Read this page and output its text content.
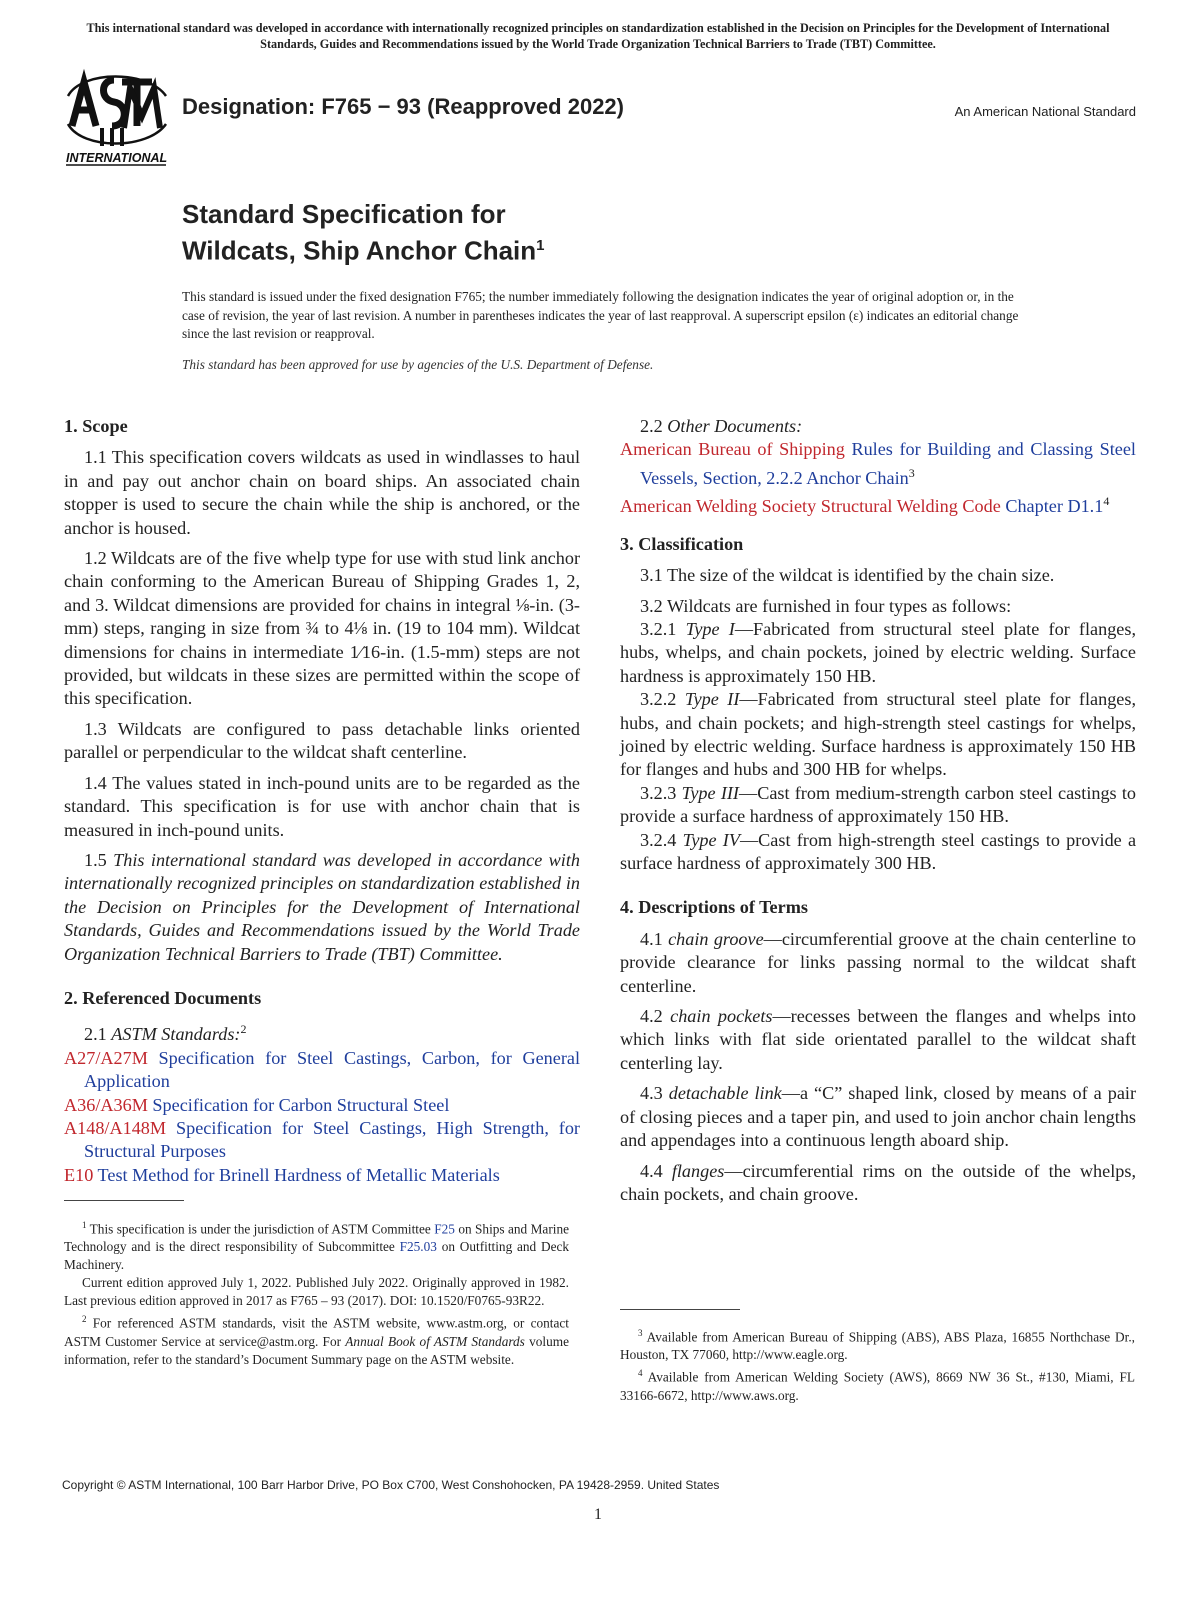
This international standard was developed in accordance with internationally recognized principles on standardization established in the Decision on Principles for the Development of International Standards, Guides and Recommendations issued by the World Trade Organization Technical Barriers to Trade (TBT) Committee.
INTERNATIONAL
Designation: F765 − 93 (Reapproved 2022)	An American National Standard
Standard Specification for
Wildcats, Ship Anchor Chain$^1$
This standard is issued under the fixed designation F765; the number immediately following the designation indicates the year of original adoption or, in the case of revision, the year of last revision. A number in parentheses indicates the year of last reapproval. A superscript epsilon (ε) indicates an editorial change since the last revision or reapproval.
This standard has been approved for use by agencies of the U.S. Department of Defense.
1. Scope

1.1 This specification covers wildcats as used in windlasses to haul in and pay out anchor chain on board ships. An associated chain stopper is used to secure the chain while the ship is anchored, or the anchor is housed.

1.2 Wildcats are of the five whelp type for use with stud link anchor chain conforming to the American Bureau of Shipping Grades 1, 2, and 3. Wildcat dimensions are provided for chains in integral ⅛-in. (3-mm) steps, ranging in size from ¾ to 4⅛ in. (19 to 104 mm). Wildcat dimensions for chains in intermediate 1⁄16-in. (1.5-mm) steps are not provided, but wildcats in these sizes are permitted within the scope of this specification.

1.3 Wildcats are configured to pass detachable links oriented parallel or perpendicular to the wildcat shaft centerline.

1.4 The values stated in inch-pound units are to be regarded as the standard. This specification is for use with anchor chain that is measured in inch-pound units.

1.5 This international standard was developed in accordance with internationally recognized principles on standardization established in the Decision on Principles for the Development of International Standards, Guides and Recommendations issued by the World Trade Organization Technical Barriers to Trade (TBT) Committee.

2. Referenced Documents

2.1 ASTM Standards:$^2$

A27/A27M Specification for Steel Castings, Carbon, for General Application

A36/A36M Specification for Carbon Structural Steel

A148/A148M Specification for Steel Castings, High Strength, for Structural Purposes

E10 Test Method for Brinell Hardness of Metallic Materials

$^1$ This specification is under the jurisdiction of ASTM Committee F25 on Ships and Marine Technology and is the direct responsibility of Subcommittee F25.03 on Outfitting and Deck Machinery.

Current edition approved July 1, 2022. Published July 2022. Originally approved in 1982. Last previous edition approved in 2017 as F765 – 93 (2017). DOI: 10.1520/F0765-93R22.

$^2$ For referenced ASTM standards, visit the ASTM website, www.astm.org, or contact ASTM Customer Service at service@astm.org. For Annual Book of ASTM Standards volume information, refer to the standard’s Document Summary page on the ASTM website.

2.2 Other Documents:

American Bureau of Shipping Rules for Building and Classing Steel Vessels, Section, 2.2.2 Anchor Chain$^3$

American Welding Society Structural Welding Code Chapter $D1.1^4$

3. Classification

3.1 The size of the wildcat is identified by the chain size.

3.2 Wildcats are furnished in four types as follows:

3.2.1 Type I—Fabricated from structural steel plate for flanges, hubs, whelps, and chain pockets, joined by electric welding. Surface hardness is approximately 150 HB.

3.2.2 Type II—Fabricated from structural steel plate for flanges, hubs, and chain pockets; and high-strength steel castings for whelps, joined by electric welding. Surface hardness is approximately 150 HB for flanges and hubs and 300 HB for whelps.

3.2.3 Type III—Cast from medium-strength carbon steel castings to provide a surface hardness of approximately 150 HB.

3.2.4 Type IV—Cast from high-strength steel castings to provide a surface hardness of approximately 300 HB.

4. Descriptions of Terms

4.1 chain groove—circumferential groove at the chain centerline to provide clearance for links passing normal to the wildcat shaft centerline.

4.2 chain pockets—recesses between the flanges and whelps into which links with flat side orientated parallel to the wildcat shaft centerling lay.

4.3 detachable link—a “C” shaped link, closed by means of a pair of closing pieces and a taper pin, and used to join anchor chain lengths and appendages into a continuous length aboard ship.

4.4 flanges—circumferential rims on the outside of the whelps, chain pockets, and chain groove.

$^3$ Available from American Bureau of Shipping (ABS), ABS Plaza, 16855 Northchase Dr., Houston, TX 77060, http://www.eagle.org.

$^4$ Available from American Welding Society (AWS), 8669 NW 36 St., #130, Miami, FL 33166-6672, http://www.aws.org.

Copyright © ASTM International, 100 Barr Harbor Drive, PO Box C700, West Conshohocken, PA 19428-2959. United States
1
